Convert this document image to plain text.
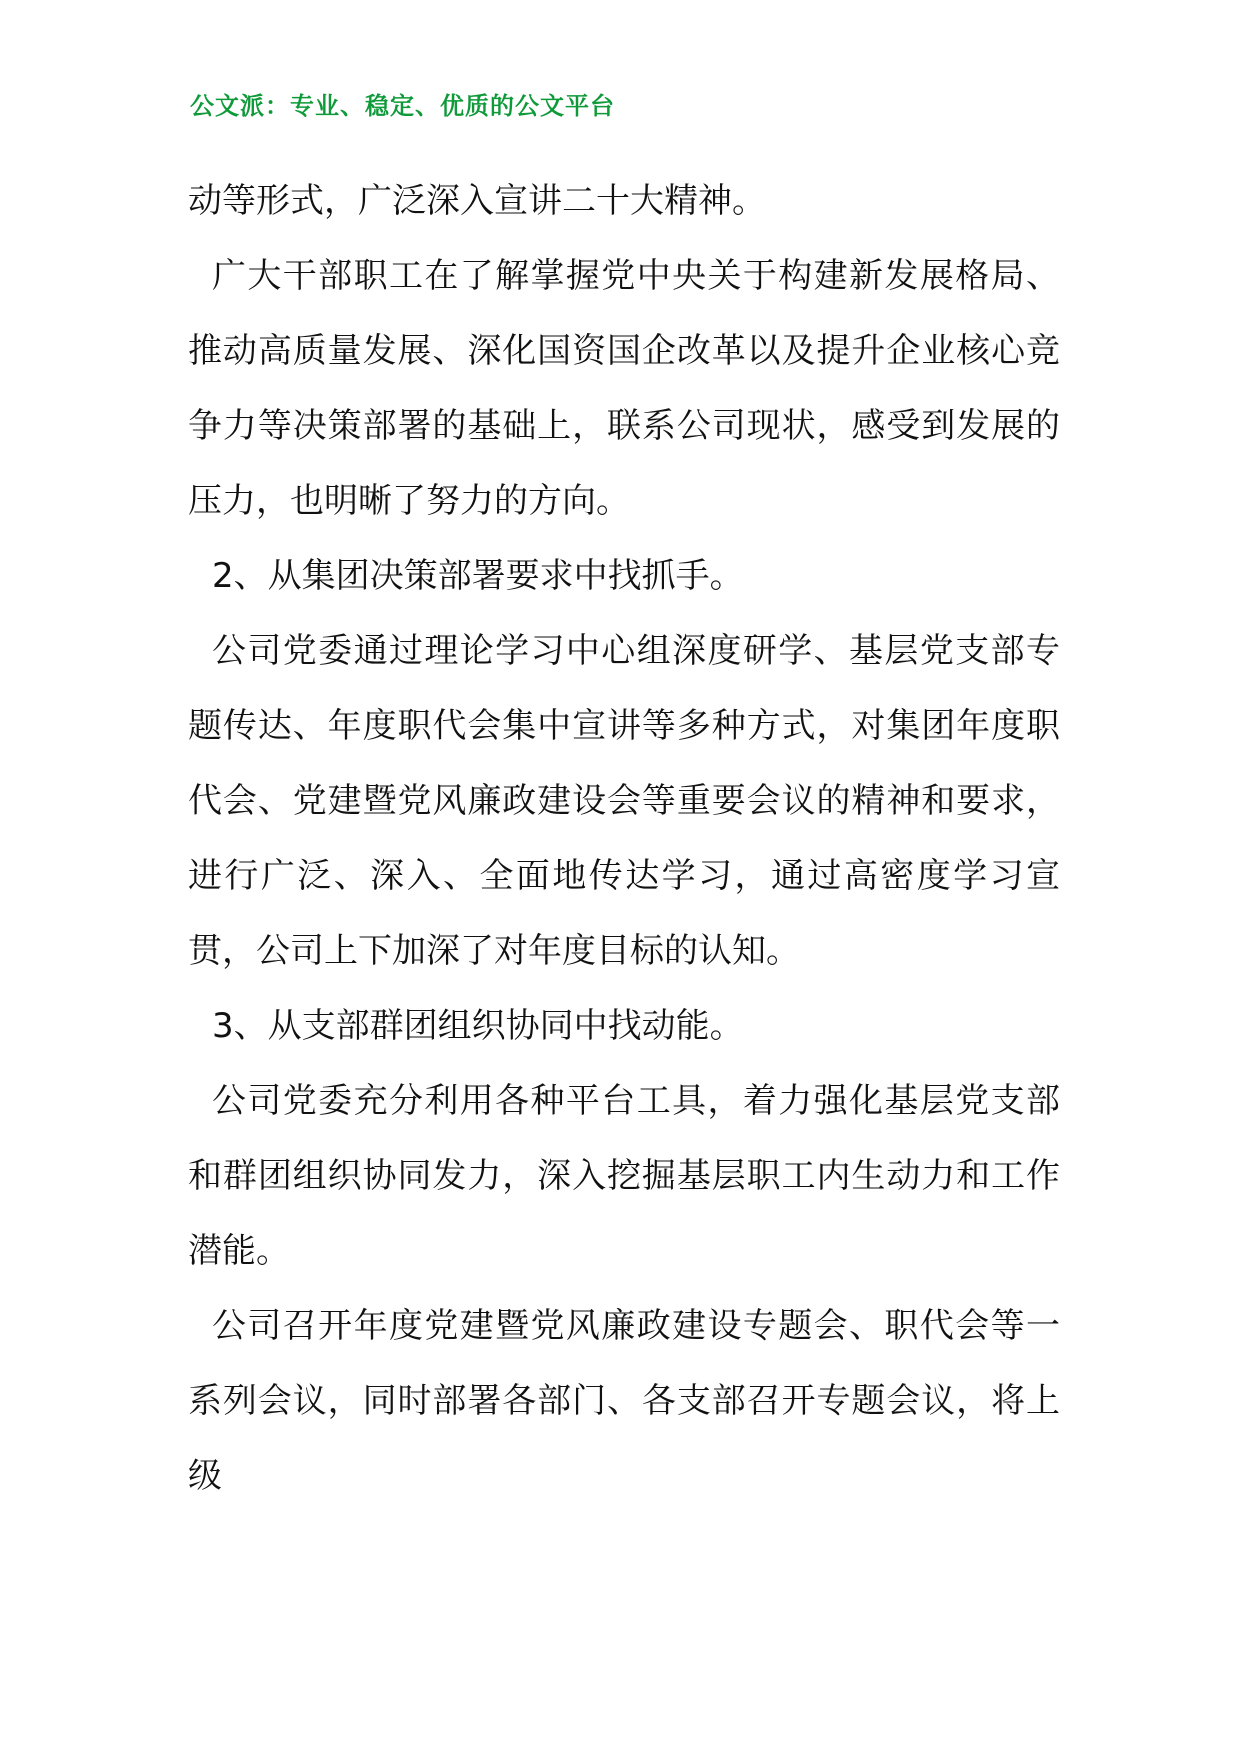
公文派：专业、稳定、优质的公文平台

动等形式，广泛深入宣讲二十大精神。

广大干部职工在了解掌握党中央关于构建新发展格局、推动高质量发展、深化国资国企改革以及提升企业核心竞争力等决策部署的基础上，联系公司现状，感受到发展的压力，也明晰了努力的方向。

2、从集团决策部署要求中找抓手。

公司党委通过理论学习中心组深度研学、基层党支部专题传达、年度职代会集中宣讲等多种方式，对集团年度职代会、党建暨党风廉政建设会等重要会议的精神和要求，进行广泛、深入、全面地传达学习，通过高密度学习宣贯，公司上下加深了对年度目标的认知。

3、从支部群团组织协同中找动能。

公司党委充分利用各种平台工具，着力强化基层党支部和群团组织协同发力，深入挖掘基层职工内生动力和工作潜能。

公司召开年度党建暨党风廉政建设专题会、职代会等一系列会议，同时部署各部门、各支部召开专题会议，将上级
